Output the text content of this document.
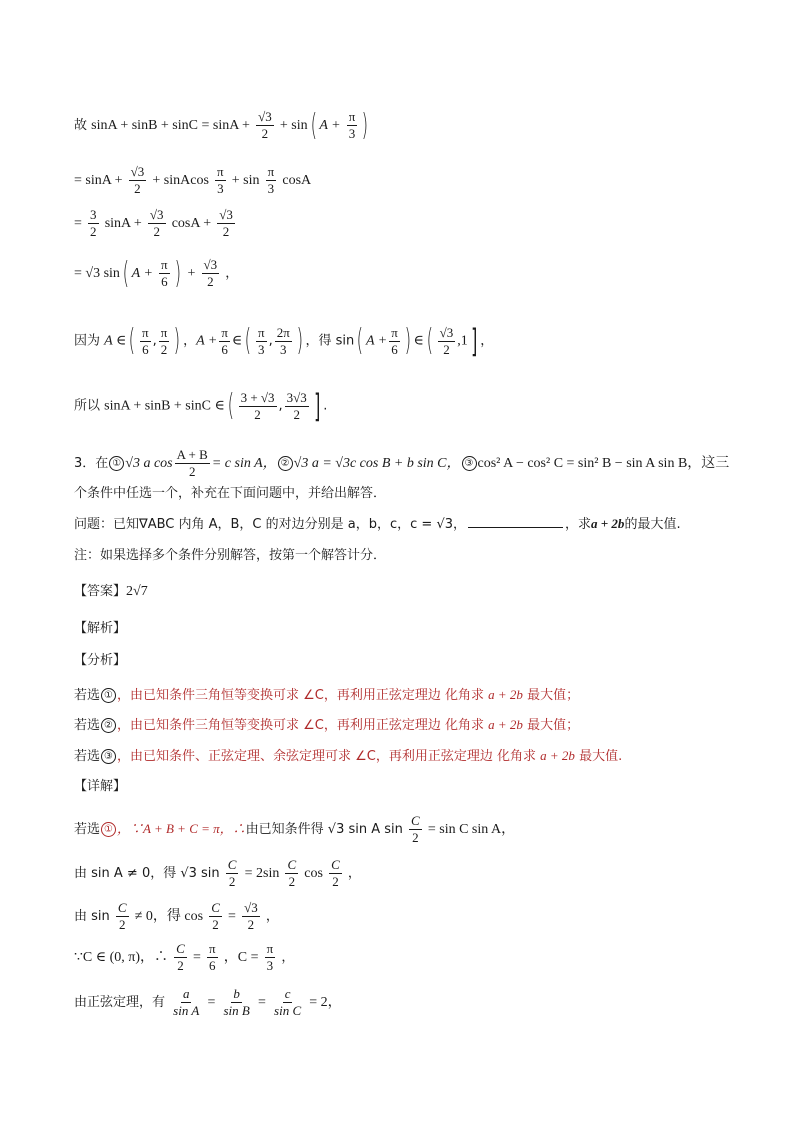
故 $\sin A + \sin B + \sin C = \sin A + \frac{√3}{2} + \sin$( $A + \frac{\pi}{3}$ )
= $\sin A + \frac{√3}{2}$ + sinAcos $\frac{\pi}{3} + \sin \frac{\pi}{3}$ cosA
= $\frac{3}{2}$ $\sin A + \frac{√3}{2}$ $\cos A + \frac{√3}{2}$
= √3 sin( $A + \frac{\pi}{6}$ ) + $\frac{√3}{2}$ ，
因为 A ∈( $\frac{\pi}{6}$ , $\frac{\pi}{2}$ ) ，$A + \frac{\pi}{6}$ ∈( $\frac{\pi}{3}$ , $\frac{2\pi}{3}$ ) ，得 sin( $A + \frac{\pi}{6}$ ) ∈( $\frac{√3}{2} ,1$] ，
所以 sinA + sinB + sinC ∈( $\frac{3 + √3}{2}$ , $\frac{3√3}{2}$ ] .
3．在 ① √3 a $\cos \frac{A + B}{2} = c$ sin A， ② √3 a = √3c cos B + b sin C， ③ cos² A − cos² C = sin² B − sin A sin B，这三
个条件中任选一个，补充在下面问题中，并给出解答．
问题：已知∇ABC 内角 A，B，C 的对边分别是 a，b，c，c = √3，	，求a + 2b的最大值.
注：如果选择多个条件分别解答，按第一个解答计分．
【答案】2√7
【解析】
【分析】
若选 ① ，由已知条件三角恒等变换可求 ∠C，再利用正弦定理边 化角求 a + 2b 最大值；
若选 ② ，由已知条件三角恒等变换可求 ∠C，再利用正弦定理边 化角求 a + 2b 最大值；
若选 ③ ，由已知条件、正弦定理、余弦定理可求 ∠C，再利用正弦定理边 化角求 a + 2b 最大值.
【详解】
若选 ① ，∵A + B + C = π，∴由已知条件得 √3 sin A $\sin \frac{C}{2} = \sin C$ sin A，
由 sin A ≠ 0，得 √3 $\sin \frac{C}{2} = 2\sin \frac{C}{2}$ $\cos \frac{C}{2}$ ，
由 $\sin \frac{C}{2} \ne 0$，得 $\cos \frac{C}{2} = \frac{√3}{2}$ ，
∵C ∈ (0, π)，∴ $\frac{C}{2} = \frac{\pi}{6}$ ，$C = \frac{\pi}{3}$ ，
由正弦定理，有 $\frac{a}{\text{sin A}} = \frac{b}{\text{sin B}} = \frac{c}{\text{sin C}} = 2$，
